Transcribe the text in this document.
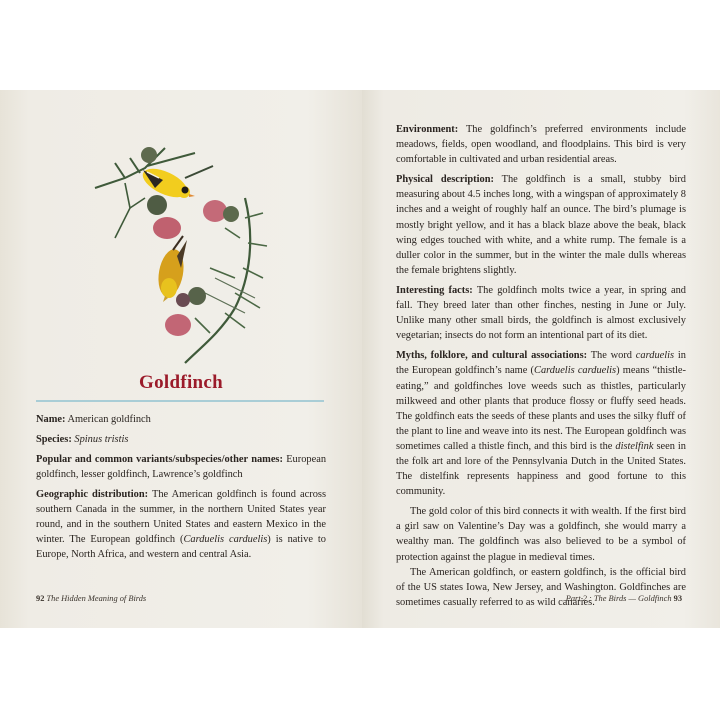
Goldfinch
Name: American goldfinch
Species: Spinus tristis
Popular and common variants/subspecies/other names: European goldfinch, lesser goldfinch, Lawrence’s goldfinch
Geographic distribution: The American goldfinch is found across southern Canada in the summer, in the northern United States year round, and in the southern United States and eastern Mexico in the winter. The European goldfinch (Carduelis carduelis) is native to Europe, North Africa, and western and central Asia.
92 The Hidden Meaning of Birds

Environment: The goldfinch’s preferred environments include meadows, fields, open woodland, and floodplains. This bird is very comfortable in cultivated and urban residential areas.

Physical description: The goldfinch is a small, stubby bird measuring about 4.5 inches long, with a wingspan of approximately 8 inches and a weight of roughly half an ounce. The bird’s plumage is mostly bright yellow, and it has a black blaze above the beak, black wing edges touched with white, and a white rump. The female is a duller color in the summer, but in the winter the male dulls whereas the female brightens slightly.

Interesting facts: The goldfinch molts twice a year, in spring and fall. They breed later than other finches, nesting in June or July. Unlike many other small birds, the goldfinch is almost exclusively vegetarian; insects do not form an intentional part of its diet.

Myths, folklore, and cultural associations: The word carduelis in the European goldfinch’s name (Carduelis carduelis) means “thistle-eating,” and goldfinches love weeds such as thistles, particularly milkweed and other plants that produce flossy or fluffy seed heads. The goldfinch eats the seeds of these plants and uses the silky fluff of the plant to line and weave into its nest. The European goldfinch was sometimes called a thistle finch, and this bird is the distelfink seen in the folk art and lore of the Pennsylvania Dutch in the United States. The distelfink represents happiness and good fortune to this community.

The gold color of this bird connects it with wealth. If the first bird a girl saw on Valentine’s Day was a goldfinch, she would marry a wealthy man. The goldfinch was also believed to be a symbol of protection against the plague in medieval times.

The American goldfinch, or eastern goldfinch, is the official bird of the US states Iowa, New Jersey, and Washington. Goldfinches are sometimes casually referred to as wild canaries.

Part 2 : The Birds — Goldfinch 93
